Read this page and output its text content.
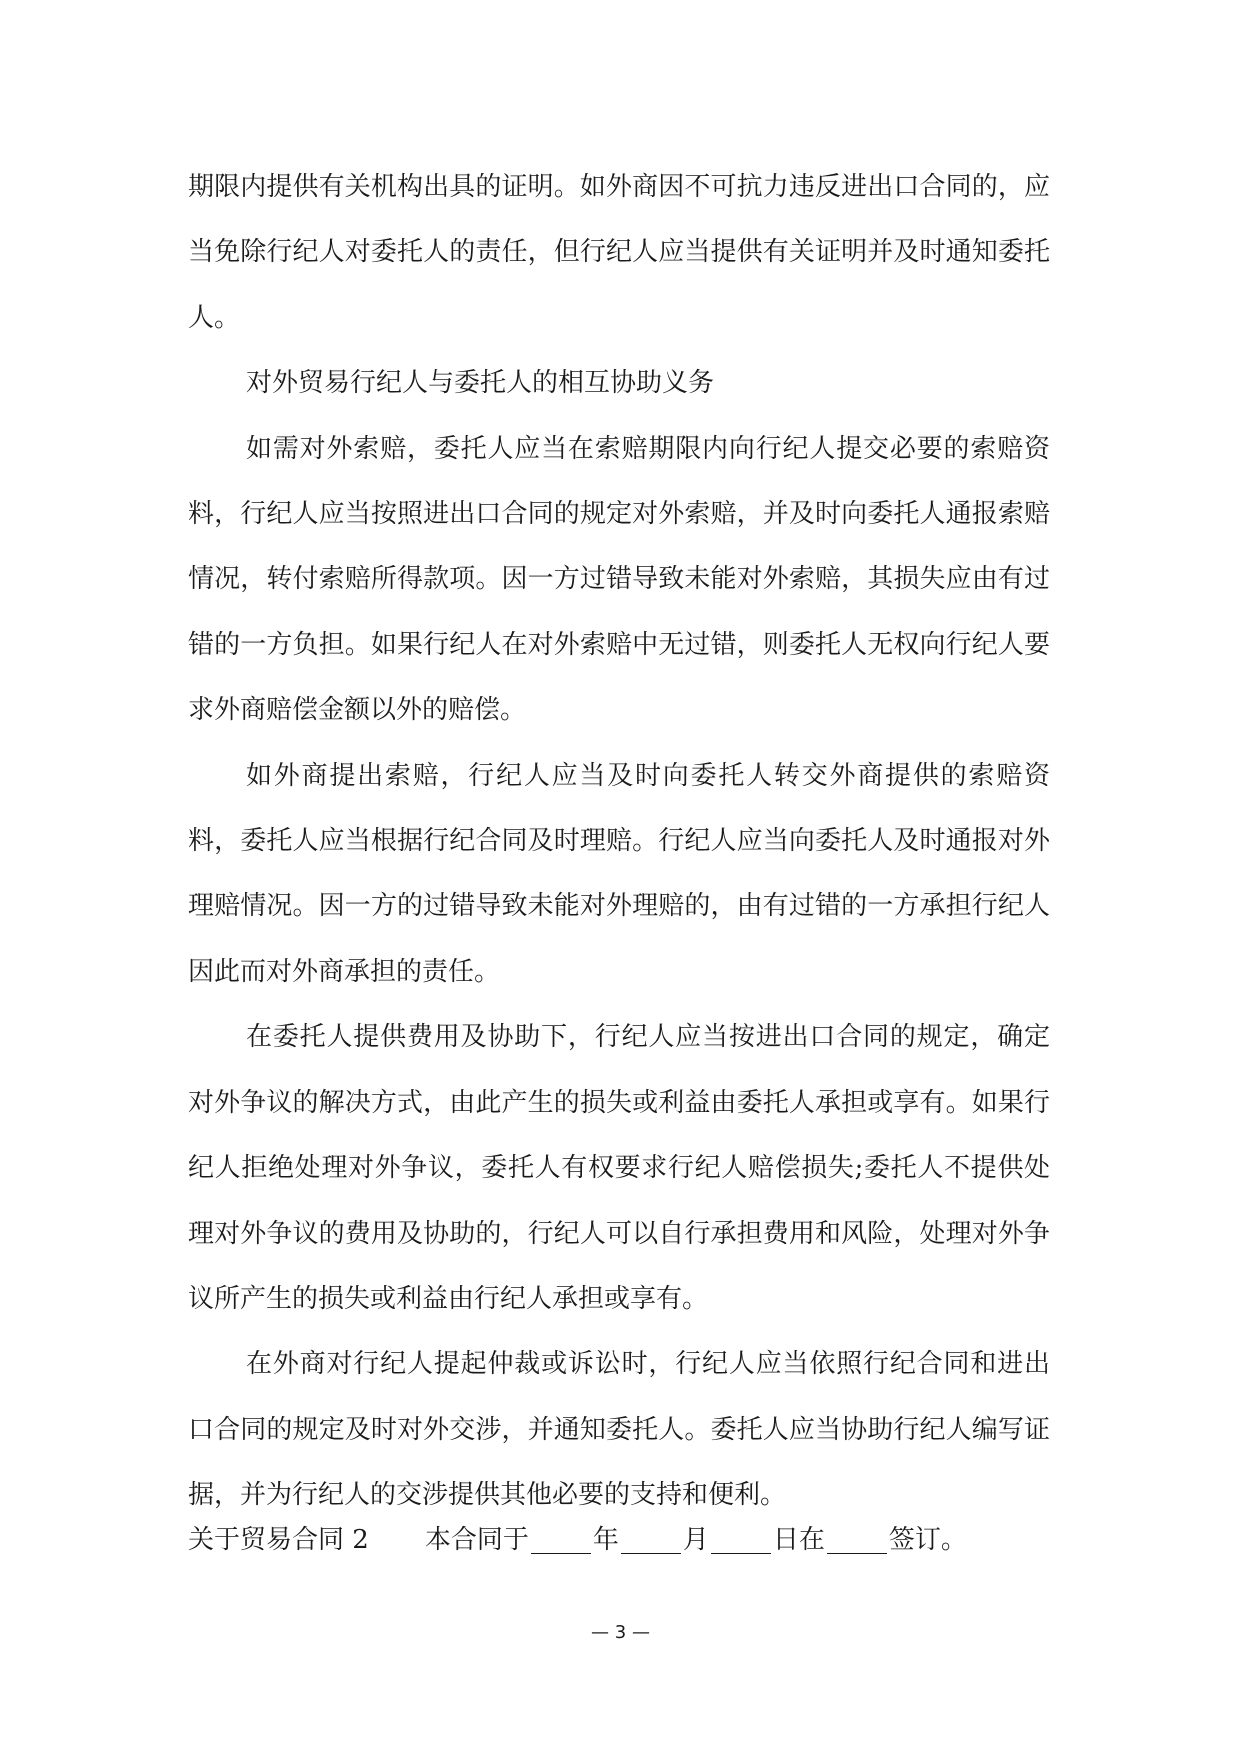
期限内提供有关机构出具的证明。如外商因不可抗力违反进出口合同的，应当免除行纪人对委托人的责任，但行纪人应当提供有关证明并及时通知委托人。

对外贸易行纪人与委托人的相互协助义务

如需对外索赔，委托人应当在索赔期限内向行纪人提交必要的索赔资料，行纪人应当按照进出口合同的规定对外索赔，并及时向委托人通报索赔情况，转付索赔所得款项。因一方过错导致未能对外索赔，其损失应由有过错的一方负担。如果行纪人在对外索赔中无过错，则委托人无权向行纪人要求外商赔偿金额以外的赔偿。

如外商提出索赔，行纪人应当及时向委托人转交外商提供的索赔资料，委托人应当根据行纪合同及时理赔。行纪人应当向委托人及时通报对外理赔情况。因一方的过错导致未能对外理赔的，由有过错的一方承担行纪人因此而对外商承担的责任。

在委托人提供费用及协助下，行纪人应当按进出口合同的规定，确定对外争议的解决方式，由此产生的损失或利益由委托人承担或享有。如果行纪人拒绝处理对外争议，委托人有权要求行纪人赔偿损失;委托人不提供处理对外争议的费用及协助的，行纪人可以自行承担费用和风险，处理对外争议所产生的损失或利益由行纪人承担或享有。

在外商对行纪人提起仲裁或诉讼时，行纪人应当依照行纪合同和进出口合同的规定及时对外交涉，并通知委托人。委托人应当协助行纪人编写证据，并为行纪人的交涉提供其他必要的支持和便利。

关于贸易合同 2 本合同于 年 月 日在 签订。
— 3 —
